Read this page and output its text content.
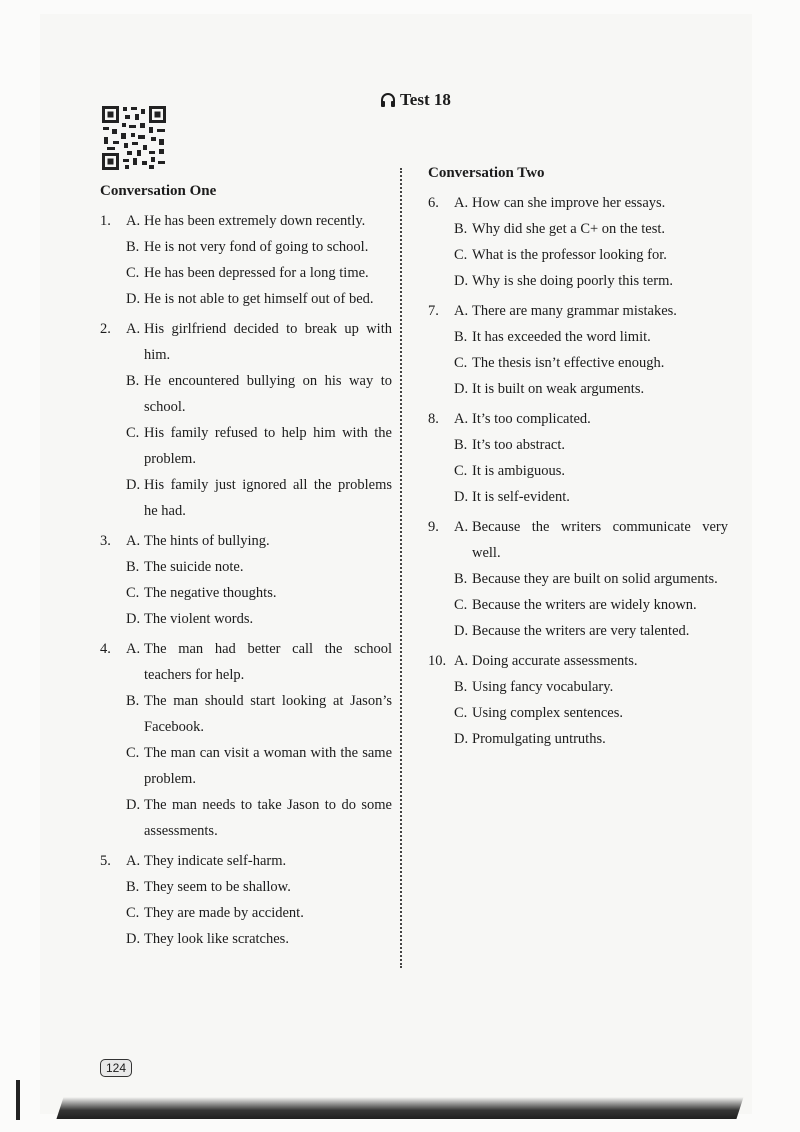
Test 18
Conversation One
1.	A. He has been extremely down recently.
B. He is not very fond of going to school.
C. He has been depressed for a long time.
D. He is not able to get himself out of bed.
2.	A. His girlfriend decided to break up with him.
B. He encountered bullying on his way to school.
C. His family refused to help him with the problem.
D. His family just ignored all the problems he had.
3.	A. The hints of bullying.
B. The suicide note.
C. The negative thoughts.
D. The violent words.
4.	A. The man had better call the school teachers for help.
B. The man should start looking at Jason’s Facebook.
C. The man can visit a woman with the same problem.
D. The man needs to take Jason to do some assessments.
5.	A. They indicate self-harm.
B. They seem to be shallow.
C. They are made by accident.
D. They look like scratches.
Conversation Two
6.	A. How can she improve her essays.
B. Why did she get a C+ on the test.
C. What is the professor looking for.
D. Why is she doing poorly this term.
7.	A. There are many grammar mistakes.
B. It has exceeded the word limit.
C. The thesis isn’t effective enough.
D. It is built on weak arguments.
8.	A. It’s too complicated.
B. It’s too abstract.
C. It is ambiguous.
D. It is self-evident.
9.	A. Because the writers communicate very well.
B. Because they are built on solid arguments.
C. Because the writers are widely known.
D. Because the writers are very talented.
10. A. Doing accurate assessments.
B. Using fancy vocabulary.
C. Using complex sentences.
D. Promulgating untruths.
124
